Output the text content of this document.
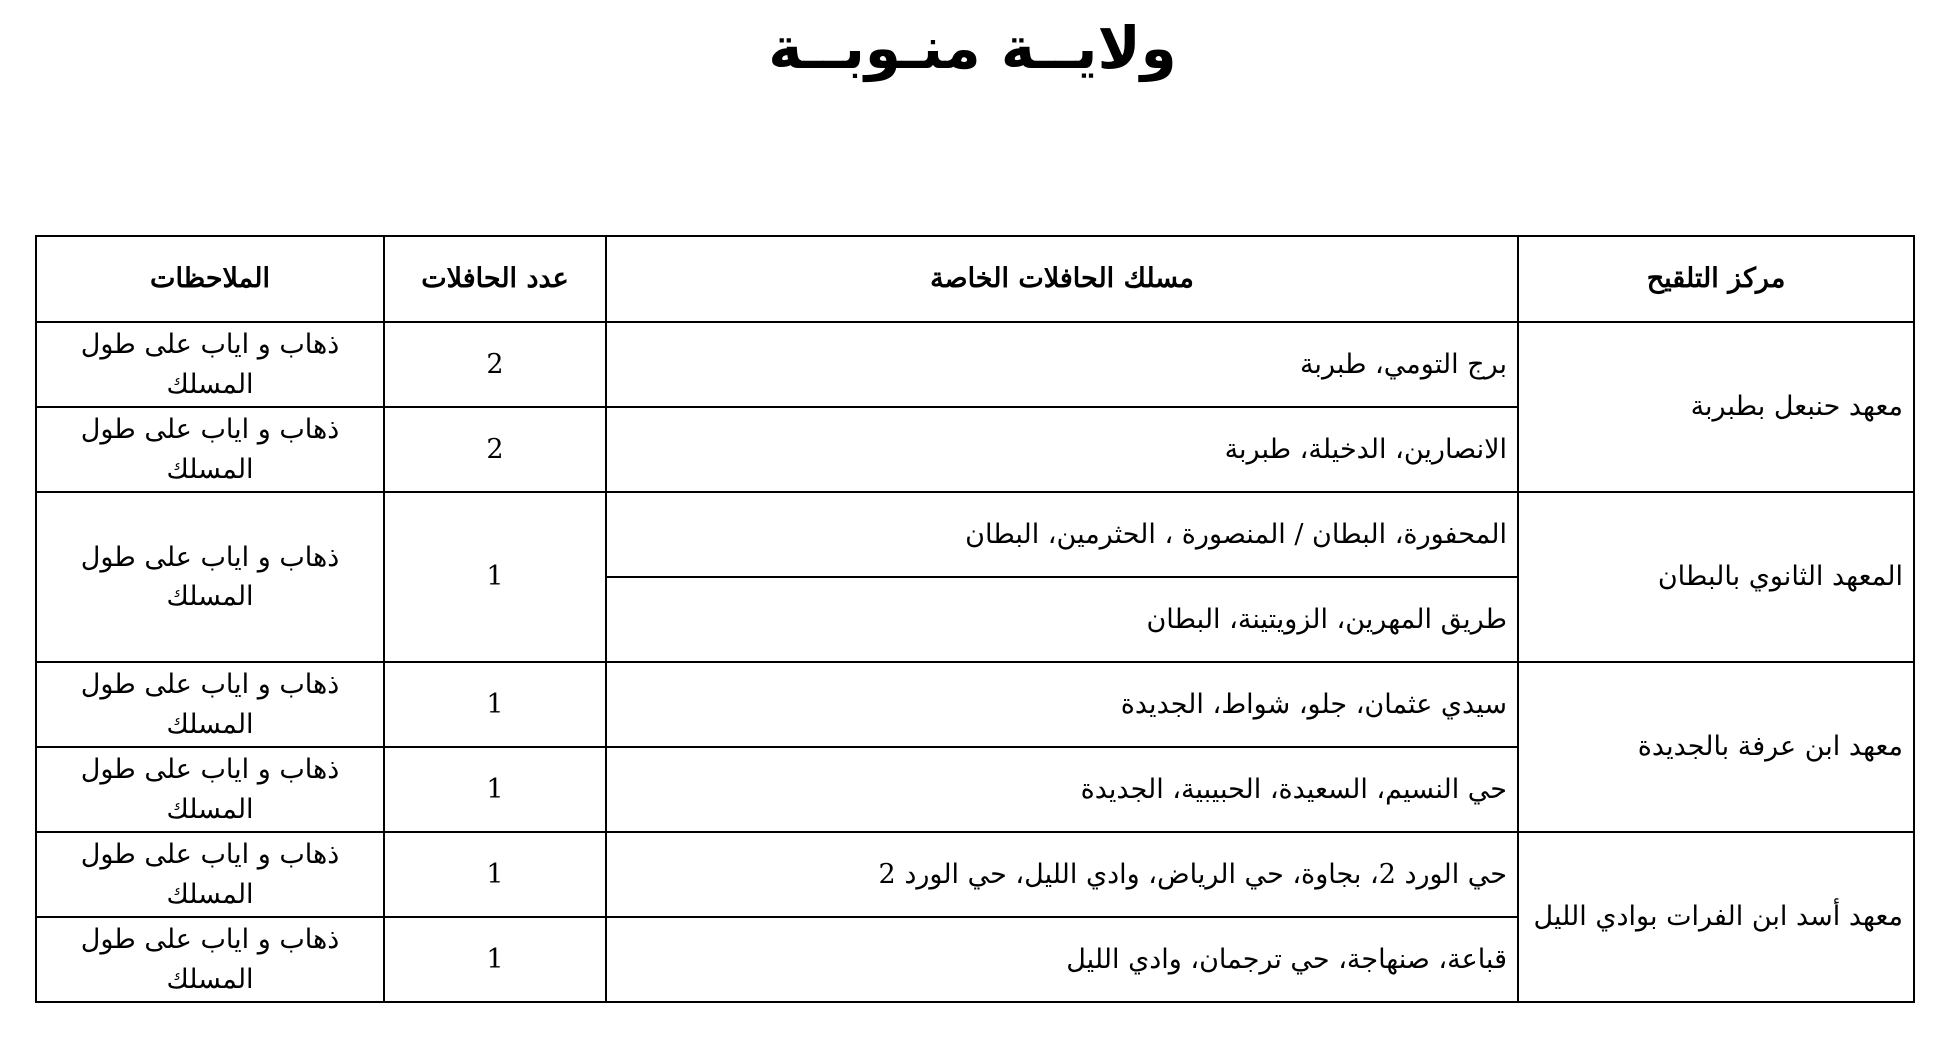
ولايــة منـوبــة
مركز التلقيح	مسلك الحافلات الخاصة	عدد الحافلات	الملاحظات
معهد حنبعل بطبربة	برج التومي، طبربة	2	ذهاب و اياب على طول المسلك
	الانصارين، الدخيلة، طبربة	2	ذهاب و اياب على طول المسلك
المعهد الثانوي بالبطان	المحفورة، البطان / المنصورة ، الحثرمين، البطان	1	ذهاب و اياب على طول المسلك
	طريق المهرين، الزويتينة، البطان		
معهد ابن عرفة بالجديدة	سيدي عثمان، جلو، شواط، الجديدة	1	ذهاب و اياب على طول المسلك
	حي النسيم، السعيدة، الحبيبية، الجديدة	1	ذهاب و اياب على طول المسلك
معهد أسد ابن الفرات بوادي الليل	حي الورد 2، بجاوة، حي الرياض، وادي الليل، حي الورد 2	1	ذهاب و اياب على طول المسلك
	قباعة، صنهاجة، حي ترجمان، وادي الليل	1	ذهاب و اياب على طول المسلك
